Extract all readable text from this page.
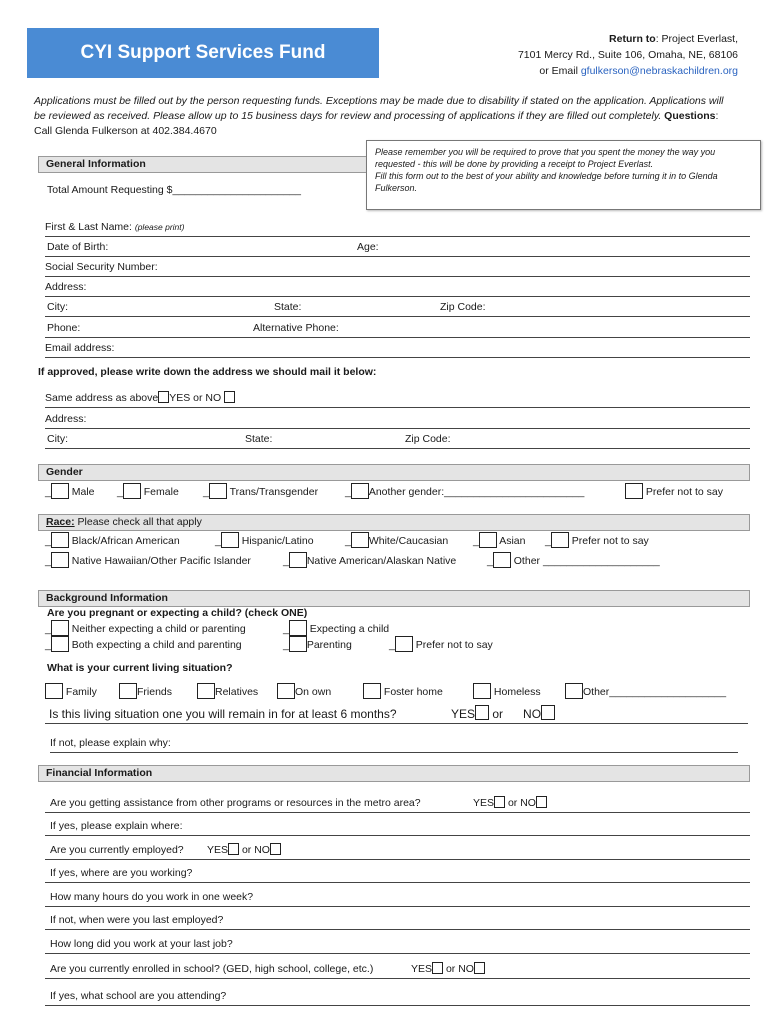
CYI Support Services Fund
Return to: Project Everlast,
7101 Mercy Rd., Suite 106, Omaha, NE, 68106
or Email gfulkerson@nebraskachildren.org
Applications must be filled out by the person requesting funds. Exceptions may be made due to disability if stated on the application. Applications will be reviewed as received. Please allow up to 15 business days for review and processing of applications if they are filled out completely. Questions: Call Glenda Fulkerson at 402.384.4670
General Information
Please remember you will be required to prove that you spent the money the way you requested - this will be done by providing a receipt to Project Everlast.
Fill this form out to the best of your ability and knowledge before turning it in to Glenda Fulkerson.
Total Amount Requesting $______________________
First & Last Name: (please print)
Date of Birth:	Age:
Social Security Number:
Address:
City:	State:	Zip Code:
Phone:	Alternative Phone:
Email address:
If approved, please write down the address we should mail it below:
Same address as above YES or NO
Address:
City:	State:	Zip Code:
Gender
_ Male _ Female _ Trans/Transgender	_ Another gender:________________________	Prefer not to say
Race: Please check all that apply
_ Black/African American	_ Hispanic/Latino	_ White/Caucasian _ Asian _ Prefer not to say
_ Native Hawaiian/Other Pacific Islander	_ Native American/Alaskan Native	_ Other ____________________
Background Information
Are you pregnant or expecting a child? (check ONE)
_ Neither expecting a child or parenting	_ Expecting a child
_ Both expecting a child and parenting	_ Parenting	_ Prefer not to say
What is your current living situation?
Family	Friends	Relatives	On own	Foster home	Homeless	Other____________________
Is this living situation one you will remain in for at least 6 months?	YES or NO
If not, please explain why:
Financial Information
Are you getting assistance from other programs or resources in the metro area?	YES or NO
If yes, please explain where:
Are you currently employed? YES or NO
If yes, where are you working?
How many hours do you work in one week?
If not, when were you last employed?
How long did you work at your last job?
Are you currently enrolled in school? (GED, high school, college, etc.)	YES or NO
If yes, what school are you attending?
